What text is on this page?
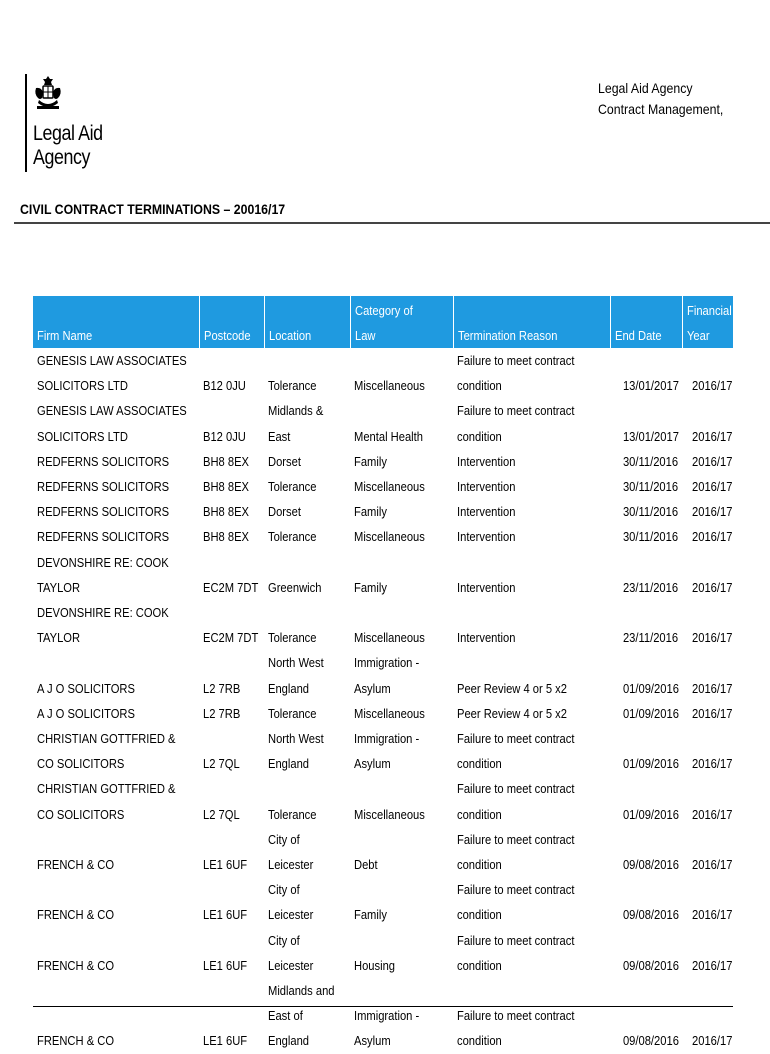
Legal Aid
Agency
Legal Aid Agency
Contract Management,
CIVIL CONTRACT TERMINATIONS – 20016/17
Firm Name	Postcode	Location	Category of Law	Termination Reason	End Date	Financial Year

GENESIS LAW ASSOCIATES SOLICITORS LTD	B12 0JU	Tolerance	Miscellaneous	Failure to meet contract condition	13/01/2017	2016/17

GENESIS LAW ASSOCIATES SOLICITORS LTD	B12 0JU	Midlands & East	Mental Health	Failure to meet contract condition	13/01/2017	2016/17

REDFERNS SOLICITORS	BH8 8EX	Dorset	Family	Intervention	30/11/2016	2016/17

REDFERNS SOLICITORS	BH8 8EX	Tolerance	Miscellaneous	Intervention	30/11/2016	2016/17

REDFERNS SOLICITORS	BH8 8EX	Dorset	Family	Intervention	30/11/2016	2016/17

REDFERNS SOLICITORS	BH8 8EX	Tolerance	Miscellaneous	Intervention	30/11/2016	2016/17

DEVONSHIRE RE: COOK TAYLOR	EC2M 7DT	Greenwich	Family	Intervention	23/11/2016	2016/17

DEVONSHIRE RE: COOK TAYLOR	EC2M 7DT	Tolerance	Miscellaneous	Intervention	23/11/2016	2016/17

A J O SOLICITORS	L2 7RB	North West England	Immigration - Asylum	Peer Review 4 or 5 x2	01/09/2016	2016/17

A J O SOLICITORS	L2 7RB	Tolerance	Miscellaneous	Peer Review 4 or 5 x2	01/09/2016	2016/17

CHRISTIAN GOTTFRIED & CO SOLICITORS	L2 7QL	North West England	Immigration - Asylum	Failure to meet contract condition	01/09/2016	2016/17

CHRISTIAN GOTTFRIED & CO SOLICITORS	L2 7QL	Tolerance	Miscellaneous	Failure to meet contract condition	01/09/2016	2016/17

FRENCH & CO	LE1 6UF	City of Leicester	Debt	Failure to meet contract condition	09/08/2016	2016/17

FRENCH & CO	LE1 6UF	City of Leicester	Family	Failure to meet contract condition	09/08/2016	2016/17

FRENCH & CO	LE1 6UF	City of Leicester	Housing	Failure to meet contract condition	09/08/2016	2016/17

FRENCH & CO	LE1 6UF	Midlands and East of England	Immigration - Asylum	Failure to meet contract condition	09/08/2016	2016/17
